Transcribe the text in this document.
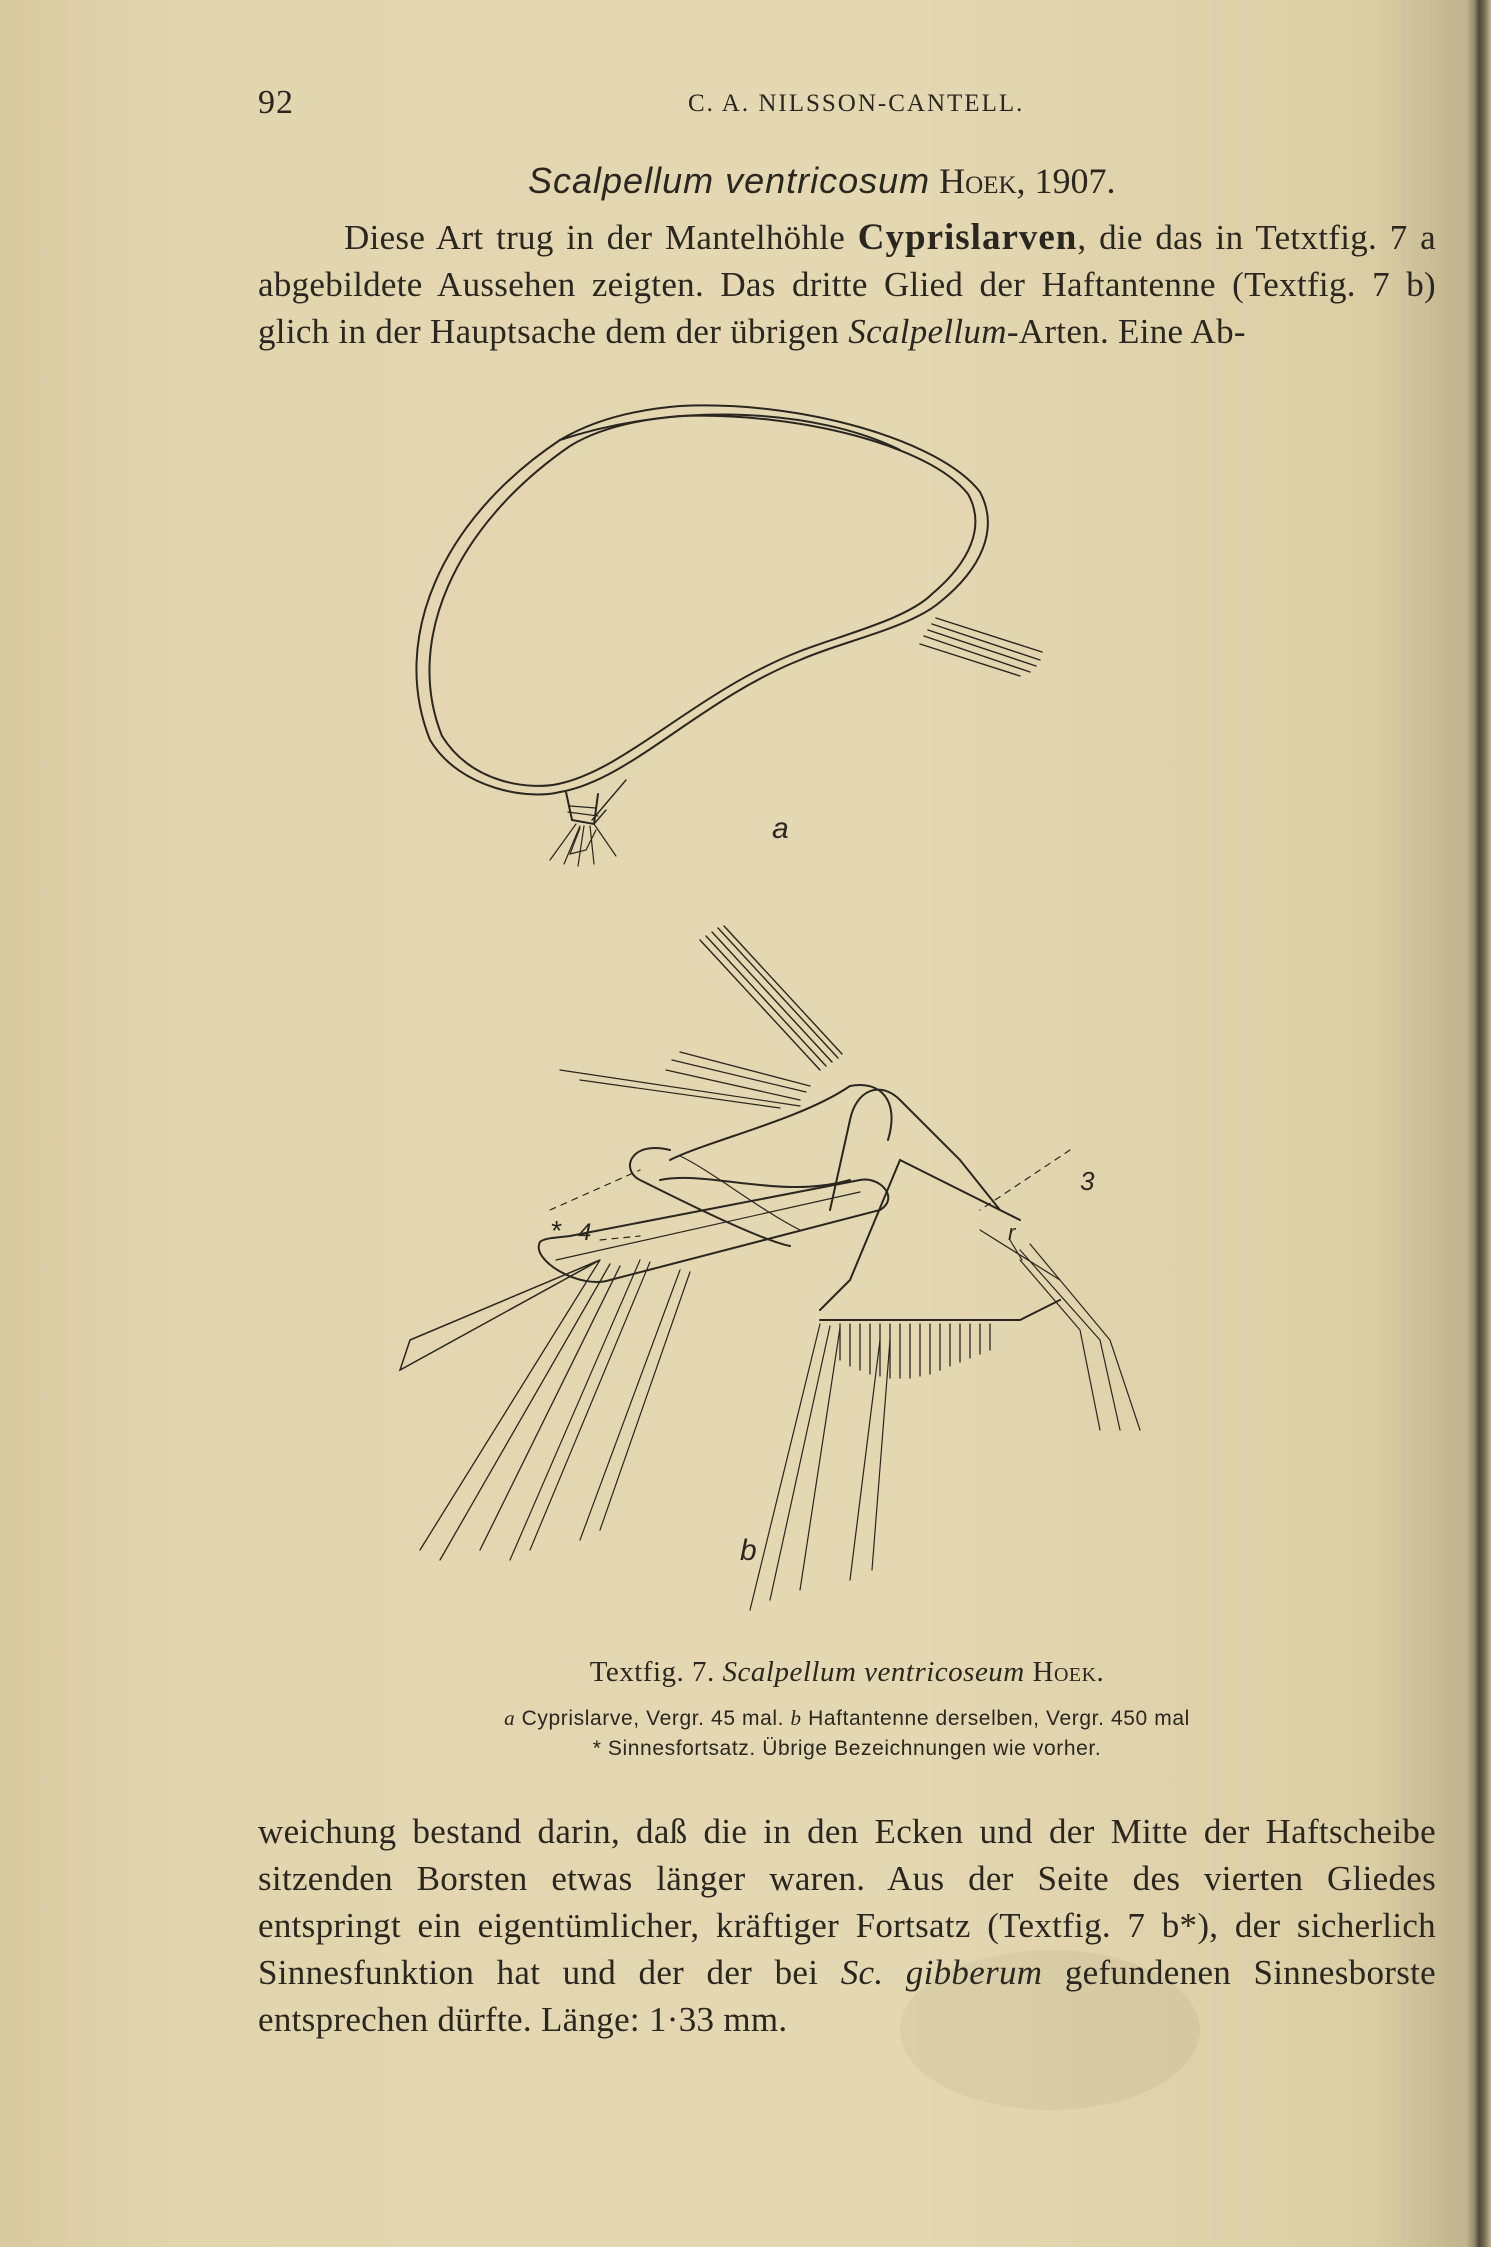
92	C. A. NILSSON-CANTELL.
Scalpellum ventricosum Hoek, 1907.
Diese Art trug in der Mantelhöhle Cyprislarven, die das in Tetxtfig. 7 a abgebildete Aussehen zeigten. Das dritte Glied der Haftantenne (Textfig. 7 b) glich in der Hauptsache dem der übrigen Scalpellum-Arten. Eine Ab-
a
b
3
4
*	r
Textfig. 7. Scalpellum ventricoseum Hoek.
a Cyprislarve, Vergr. 45 mal. b Haftantenne derselben, Vergr. 450 mal
* Sinnesfortsatz. Übrige Bezeichnungen wie vorher.
weichung bestand darin, daß die in den Ecken und der Mitte der Haftscheibe sitzenden Borsten etwas länger waren. Aus der Seite des vierten Gliedes entspringt ein eigentümlicher, kräftiger Fortsatz (Textfig. 7 b*), der sicherlich Sinnesfunktion hat und der der bei Sc. gibberum gefundenen Sinnesborste entsprechen dürfte. Länge: 1·33 mm.
